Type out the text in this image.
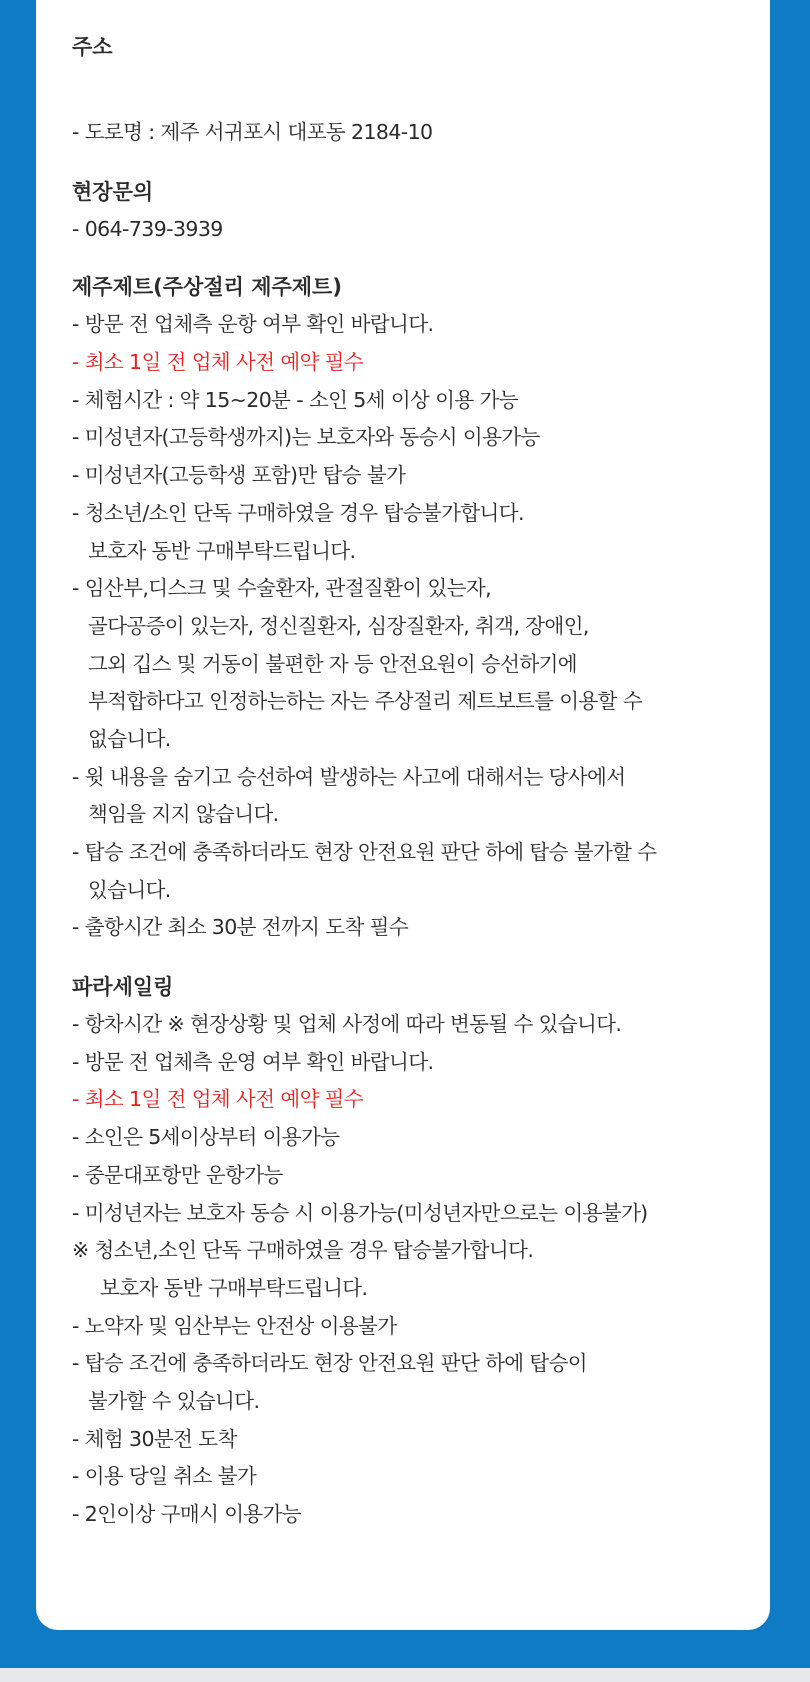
주소
- 도로명 : 제주 서귀포시 대포동 2184-10
현장문의
- 064-739-3939
제주제트(주상절리 제주제트)
- 방문 전 업체측 운항 여부 확인 바랍니다.
- 최소 1일 전 업체 사전 예약 필수
- 체험시간 : 약 15~20분 - 소인 5세 이상 이용 가능
- 미성년자(고등학생까지)는 보호자와 동승시 이용가능
- 미성년자(고등학생 포함)만 탑승 불가
- 청소년/소인 단독 구매하였을 경우 탑승불가합니다.
보호자 동반 구매부탁드립니다.
- 임산부,디스크 및 수술환자, 관절질환이 있는자,
골다공증이 있는자, 정신질환자, 심장질환자, 취객, 장애인,
그외 깁스 및 거동이 불편한 자 등 안전요원이 승선하기에
부적합하다고 인정하는하는 자는 주상절리 제트보트를 이용할 수
없습니다.
- 윗 내용을 숨기고 승선하여 발생하는 사고에 대해서는 당사에서
책임을 지지 않습니다.
- 탑승 조건에 충족하더라도 현장 안전요원 판단 하에 탑승 불가할 수
있습니다.
- 출항시간 최소 30분 전까지 도착 필수
파라세일링
- 항차시간 ※ 현장상황 및 업체 사정에 따라 변동될 수 있습니다.
- 방문 전 업체측 운영 여부 확인 바랍니다.
- 최소 1일 전 업체 사전 예약 필수
- 소인은 5세이상부터 이용가능
- 중문대포항만 운항가능
- 미성년자는 보호자 동승 시 이용가능(미성년자만으로는 이용불가)
※ 청소년,소인 단독 구매하였을 경우 탑승불가합니다.
보호자 동반 구매부탁드립니다.
- 노약자 및 임산부는 안전상 이용불가
- 탑승 조건에 충족하더라도 현장 안전요원 판단 하에 탑승이
불가할 수 있습니다.
- 체험 30분전 도착
- 이용 당일 취소 불가
- 2인이상 구매시 이용가능
